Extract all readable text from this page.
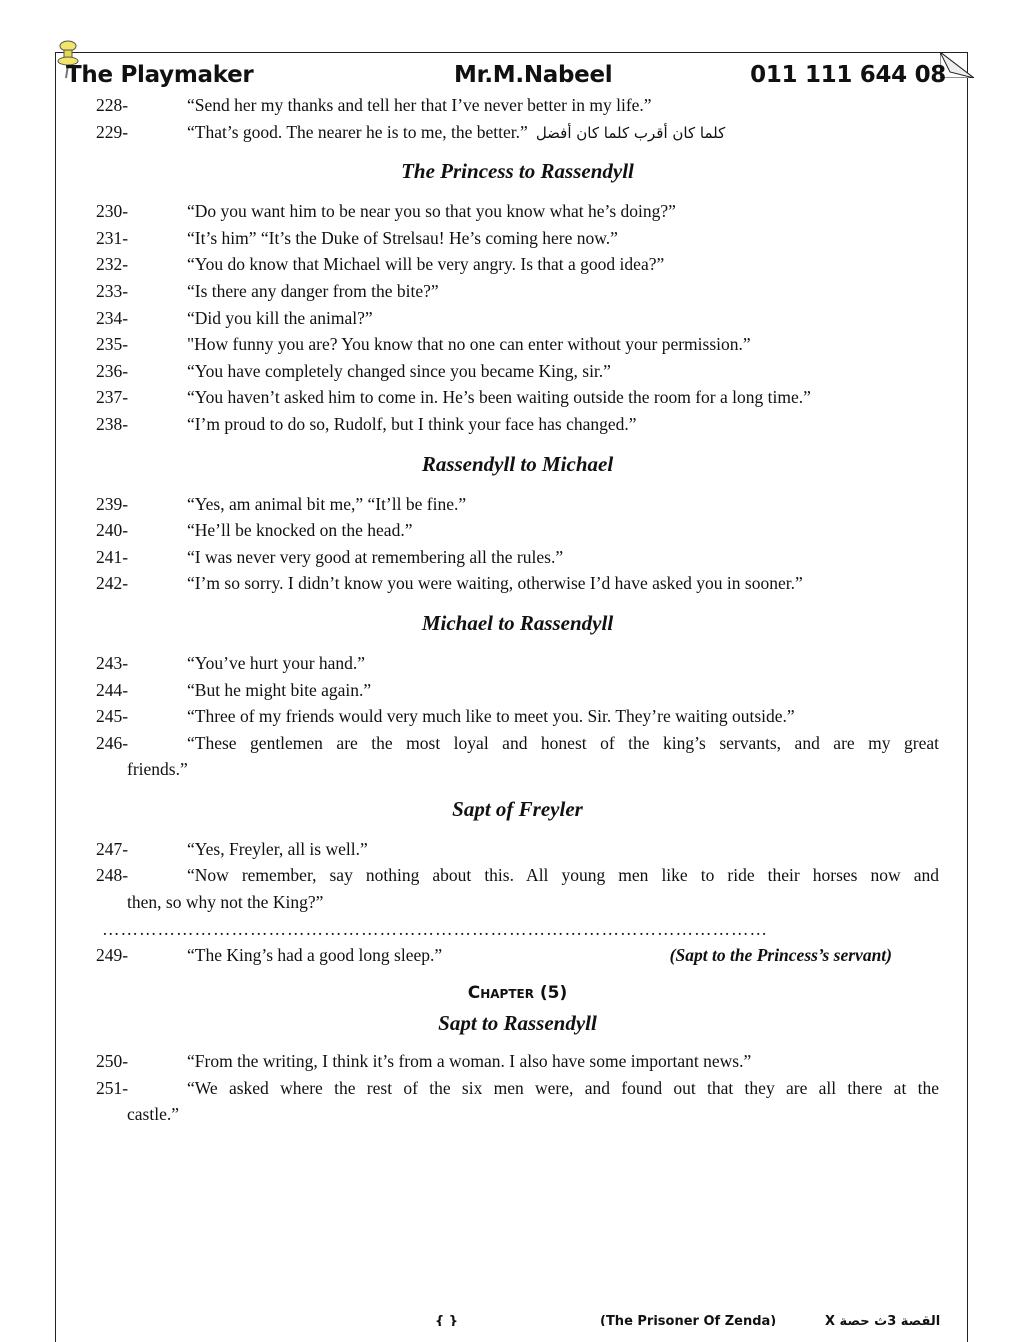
The Playmaker	Mr.M.Nabeel	011 111 644 08
228-	“Send her my thanks and tell her that I’ve never better in my life.”
229-	“That’s good. The nearer he is to me, the better.” كلما كان أقرب كلما كان أفضل
The Princess to Rassendyll
230-	“Do you want him to be near you so that you know what he’s doing?”
231-	“It’s him” “It’s the Duke of Strelsau! He’s coming here now.”
232-	“You do know that Michael will be very angry. Is that a good idea?”
233-	“Is there any danger from the bite?”
234-	“Did you kill the animal?”
235-	"How funny you are? You know that no one can enter without your permission.”
236-	“You have completely changed since you became King, sir.”
237-	“You haven’t asked him to come in. He’s been waiting outside the room for a long time.”
238-	“I’m proud to do so, Rudolf, but I think your face has changed.”
Rassendyll to Michael
239-	“Yes, am animal bit me,” “It’ll be fine.”
240-	“He’ll be knocked on the head.”
241-	“I was never very good at remembering all the rules.”
242-	“I’m so sorry. I didn’t know you were waiting, otherwise I’d have asked you in sooner.”
Michael to Rassendyll
243-	“You’ve hurt your hand.”
244-	“But he might bite again.”
245-	“Three of my friends would very much like to meet you. Sir. They’re waiting outside.”
246-	“These gentlemen are the most loyal and honest of the king’s servants, and are my great
friends.”
Sapt of Freyler
247-	“Yes, Freyler, all is well.”
248-	“Now remember, say nothing about this. All young men like to ride their horses now and
then, so why not the King?”
………………………………………………………………………………………………
249-	“The King’s had a good long sleep.”	(Sapt to the Princess’s servant)
Chapter (5)
Sapt to Rassendyll
250-	“From the writing, I think it’s from a woman. I also have some important news.”
251-	“We asked where the rest of the six men were, and found out that they are all there at the
castle.”
{ }	(The Prisoner Of Zenda)	القصة 3ث حصة X
